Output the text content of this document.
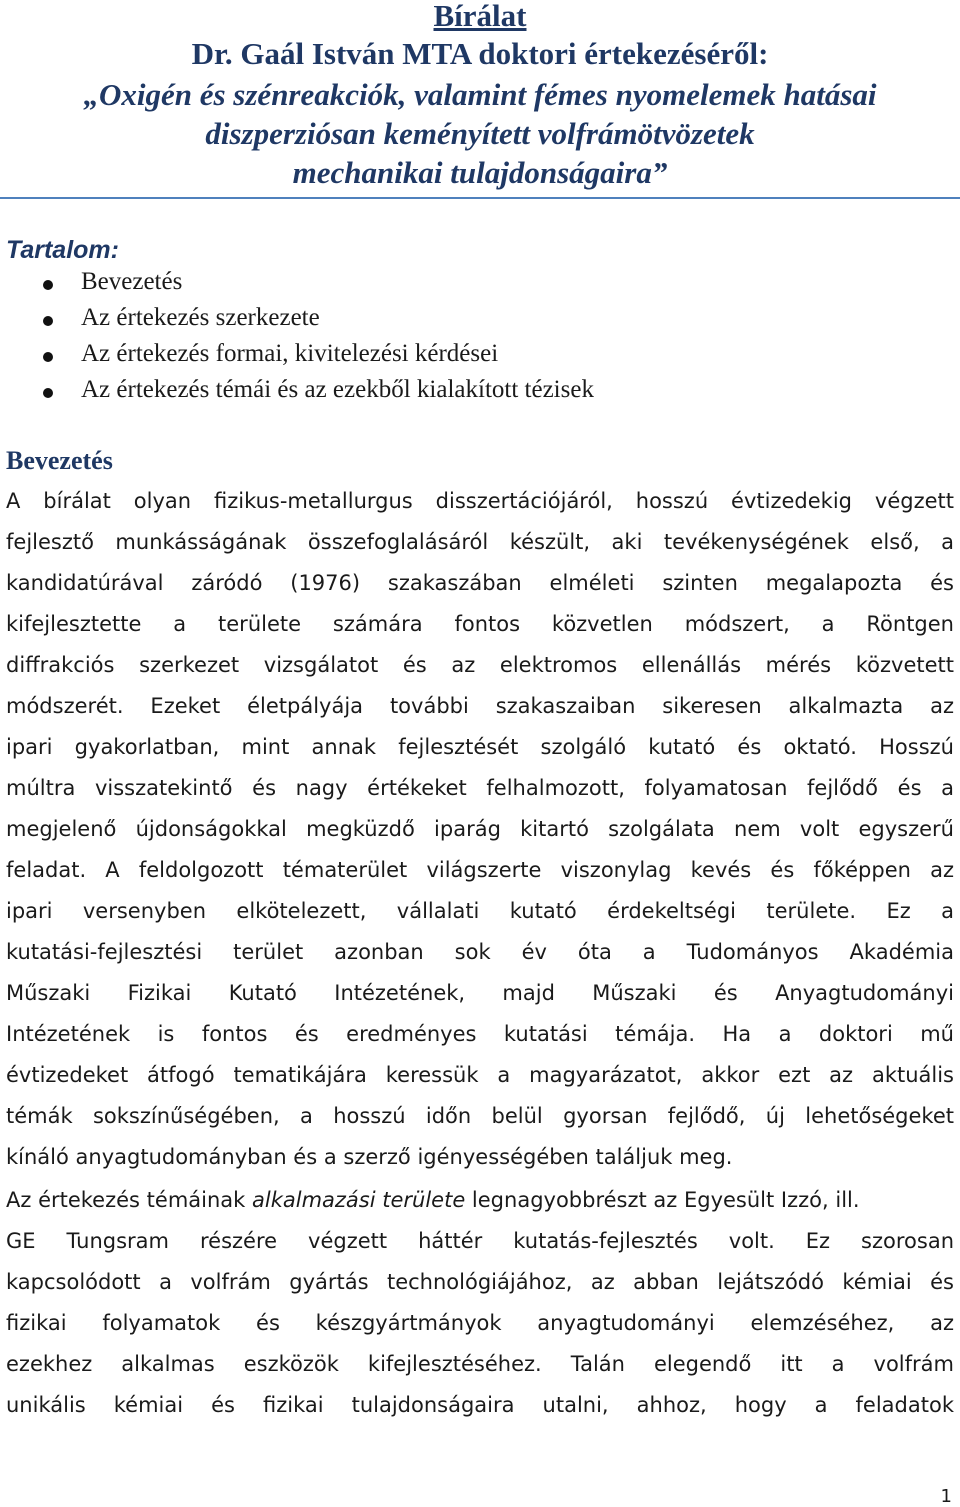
Bírálat
Dr. Gaál István MTA doktori értekezéséről:
„Oxigén és szénreakciók, valamint fémes nyomelemek hatásai
diszperziósan keményített volfrámötvözetek
mechanikai tulajdonságaira”
Tartalom:
Bevezetés
Az értekezés szerkezete
Az értekezés formai, kivitelezési kérdései
Az értekezés témái és az ezekből kialakított tézisek
Bevezetés
A bírálat olyan fizikus-metallurgus disszertációjáról, hosszú évtizedekig végzett
fejlesztő munkásságának összefoglalásáról készült, aki tevékenységének első, a
kandidatúrával záródó (1976) szakaszában elméleti szinten megalapozta és
kifejlesztette a területe számára fontos közvetlen módszert, a Röntgen
diffrakciós szerkezet vizsgálatot és az elektromos ellenállás mérés közvetett
módszerét. Ezeket életpályája további szakaszaiban sikeresen alkalmazta az
ipari gyakorlatban, mint annak fejlesztését szolgáló kutató és oktató. Hosszú
múltra visszatekintő és nagy értékeket felhalmozott, folyamatosan fejlődő és a
megjelenő újdonságokkal megküzdő iparág kitartó szolgálata nem volt egyszerű
feladat. A feldolgozott tématerület világszerte viszonylag kevés és főképpen az
ipari versenyben elkötelezett, vállalati kutató érdekeltségi területe. Ez a
kutatási-fejlesztési terület azonban sok év óta a Tudományos Akadémia
Műszaki Fizikai Kutató Intézetének, majd Műszaki és Anyagtudományi
Intézetének is fontos és eredményes kutatási témája. Ha a doktori mű
évtizedeket átfogó tematikájára keressük a magyarázatot, akkor ezt az aktuális
témák sokszínűségében, a hosszú időn belül gyorsan fejlődő, új lehetőségeket
kínáló anyagtudományban és a szerző igényességében találjuk meg.
Az értekezés témáinak alkalmazási területe legnagyobbrészt az Egyesült Izzó, ill.
GE Tungsram részére végzett háttér kutatás-fejlesztés volt. Ez szorosan
kapcsolódott a volfrám gyártás technológiájához, az abban lejátszódó kémiai és
fizikai folyamatok és készgyártmányok anyagtudományi elemzéséhez, az
ezekhez alkalmas eszközök kifejlesztéséhez. Talán elegendő itt a volfrám
unikális kémiai és fizikai tulajdonságaira utalni, ahhoz, hogy a feladatok
1
